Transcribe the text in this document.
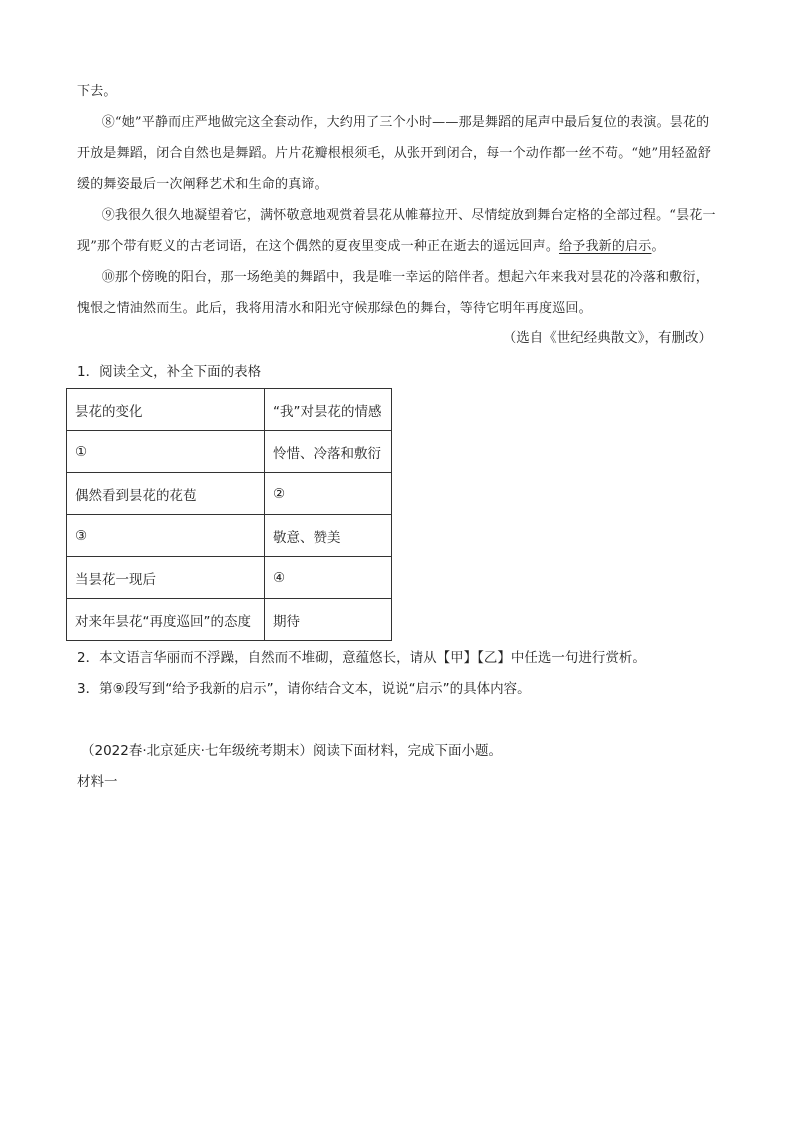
下去。
⑧“她”平静而庄严地做完这全套动作，大约用了三个小时——那是舞蹈的尾声中最后复位的表演。昙花的开放是舞蹈，闭合自然也是舞蹈。片片花瓣根根须毛，从张开到闭合，每一个动作都一丝不苟。“她”用轻盈舒缓的舞姿最后一次阐释艺术和生命的真谛。
⑨我很久很久地凝望着它，满怀敬意地观赏着昙花从帷幕拉开、尽情绽放到舞台定格的全部过程。“昙花一现”那个带有贬义的古老词语，在这个偶然的夏夜里变成一种正在逝去的遥远回声。给予我新的启示。
⑩那个傍晚的阳台，那一场绝美的舞蹈中，我是唯一幸运的陪伴者。想起六年来我对昙花的冷落和敷衍，愧恨之情油然而生。此后，我将用清水和阳光守候那绿色的舞台，等待它明年再度巡回。
（选自《世纪经典散文》，有删改）
1．阅读全文，补全下面的表格
昙花的变化	“我”对昙花的情感
①	怜惜、冷落和敷衍
偶然看到昙花的花苞	②
③	敬意、赞美
当昙花一现后	④
对来年昙花“再度巡回”的态度	期待
2．本文语言华丽而不浮躁，自然而不堆砌，意蕴悠长，请从【甲】【乙】中任选一句进行赏析。
3．第⑨段写到“给予我新的启示”，请你结合文本，说说“启示”的具体内容。
（2022春·北京延庆·七年级统考期末）阅读下面材料，完成下面小题。
材料一
